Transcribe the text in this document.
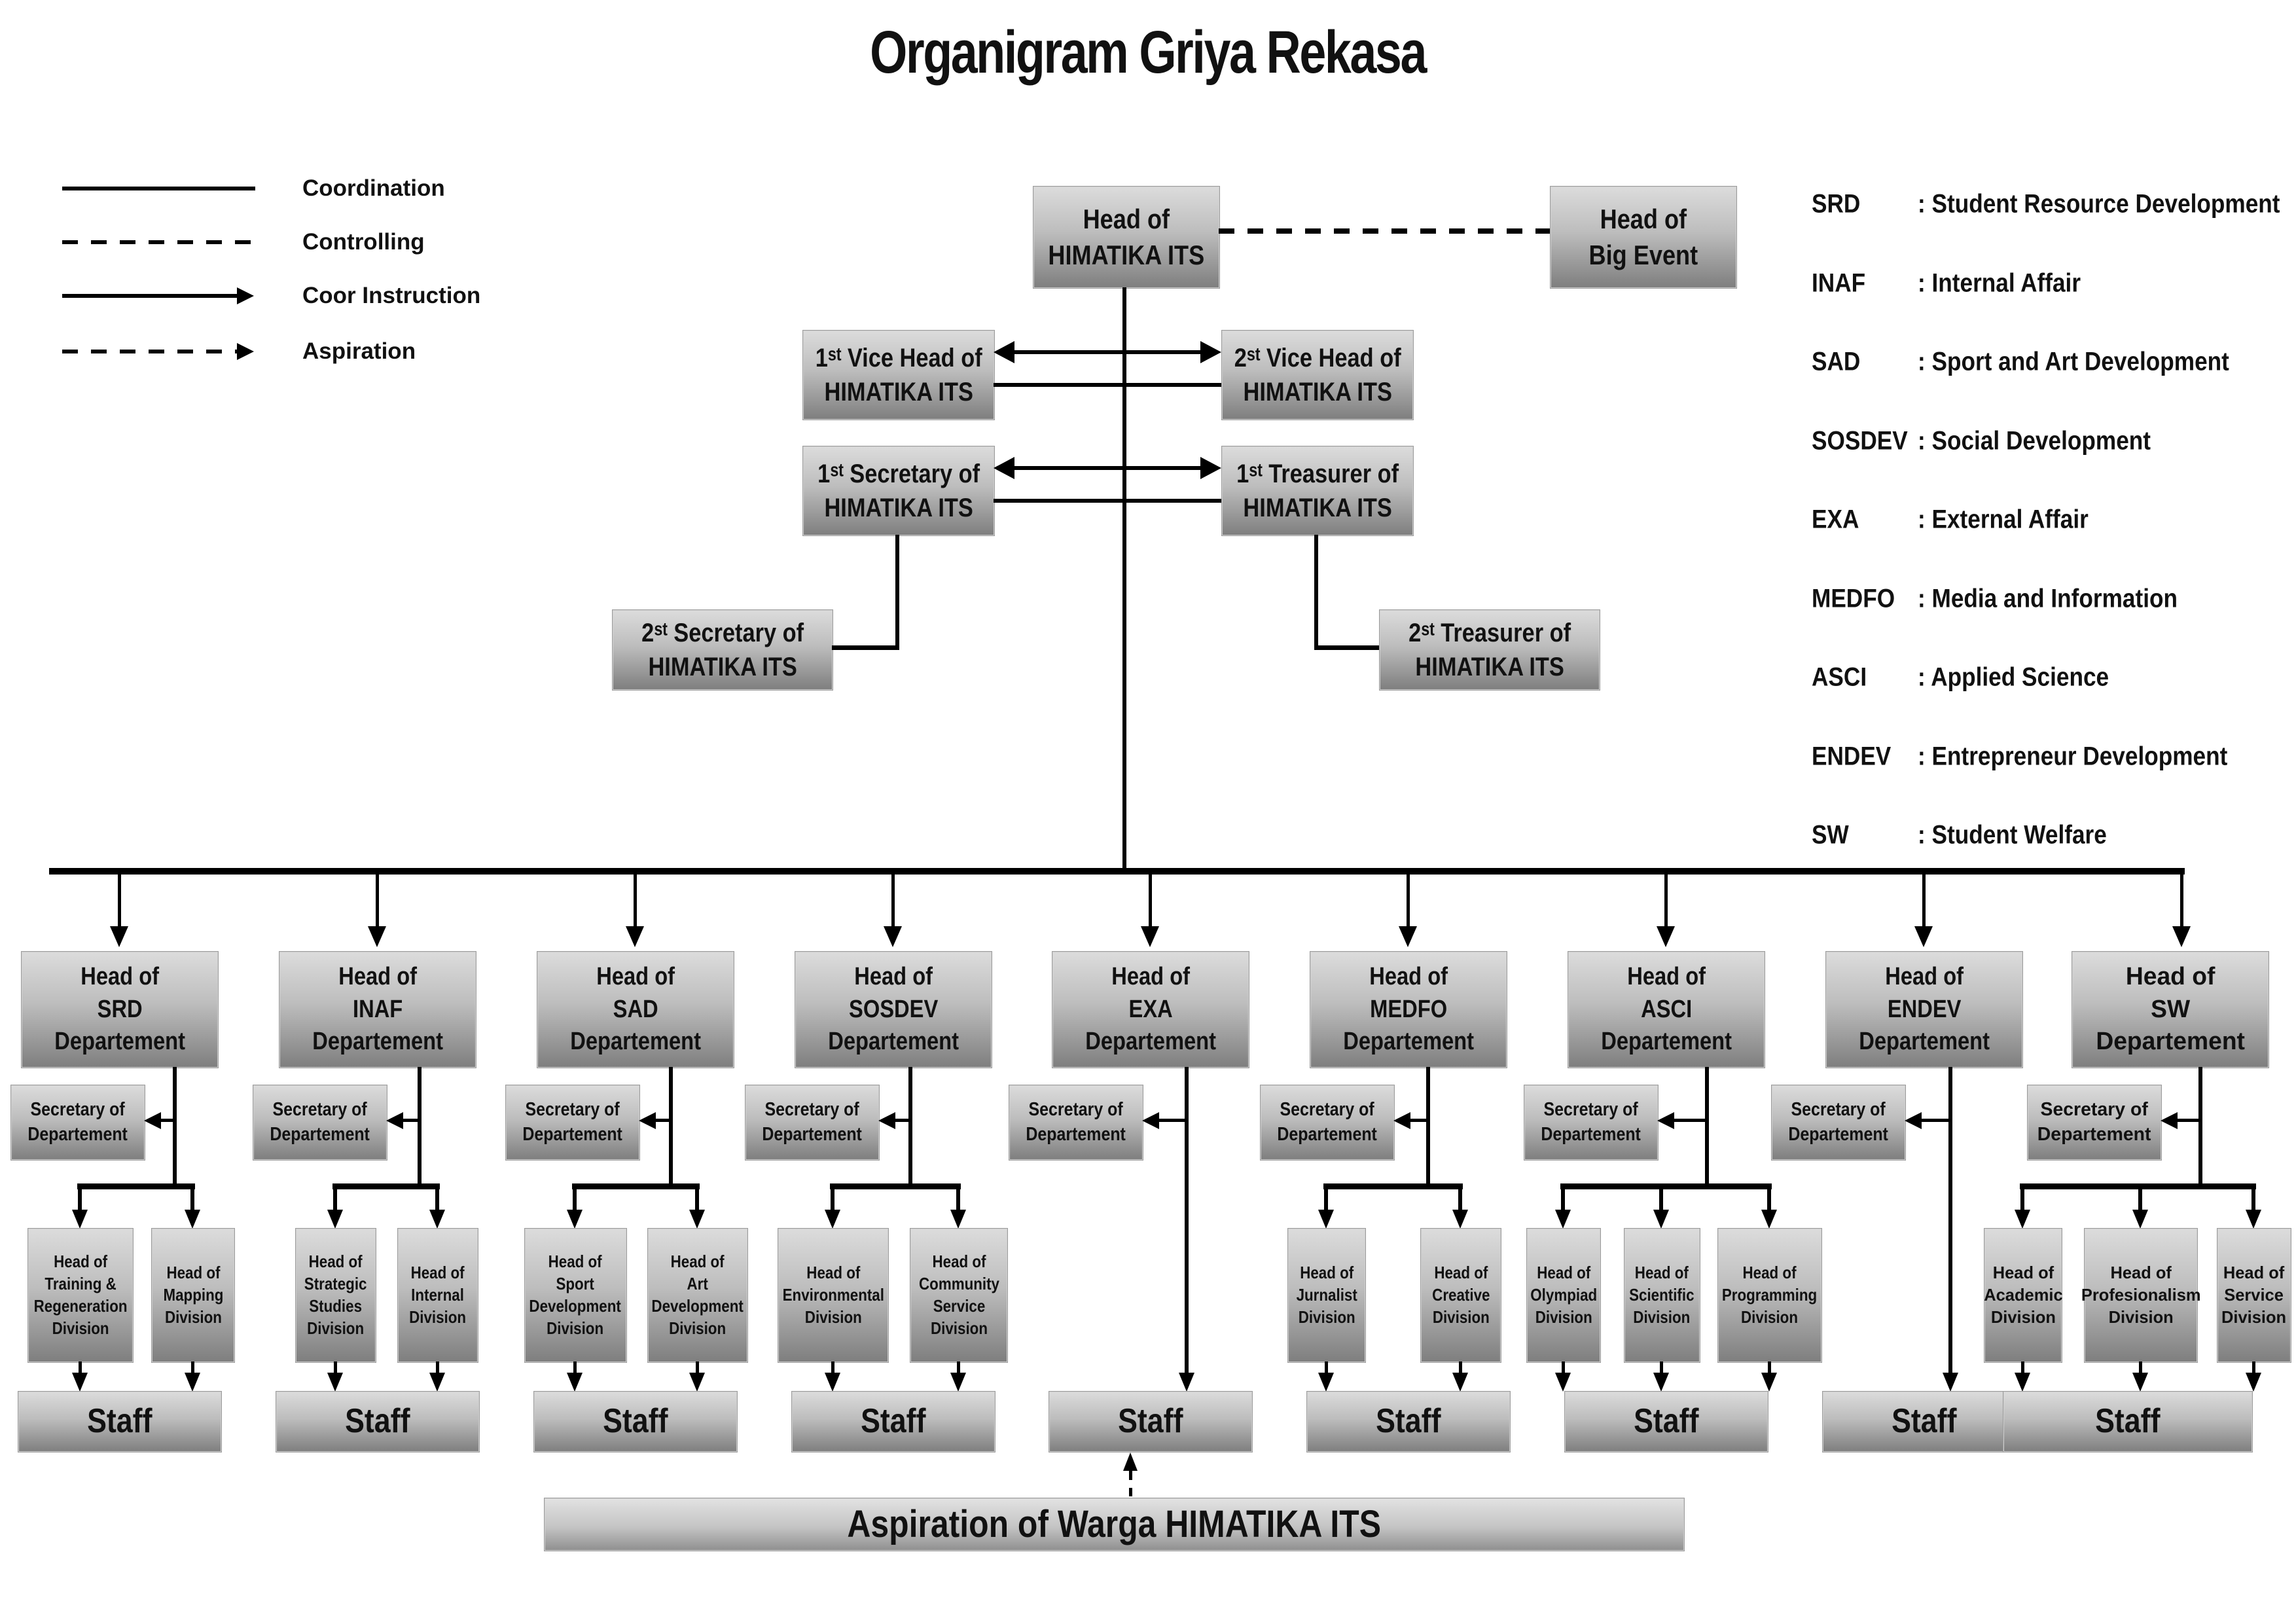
Organigram Griya Rekasa
Coordination
Controlling
Coor Instruction
Aspiration
SRD : Student Resource Development
INAF : Internal Affair
SAD : Sport and Art Development
SOSDEV : Social Development
EXA : External Affair
MEDFO : Media and Information
ASCI : Applied Science
ENDEV : Entrepreneur Development
SW	: Student Welfare
Head of
HIMATIKA ITS
Head of
Big Event
1ˢᵗ Vice Head of
HIMATIKA ITS
2ˢᵗ Vice Head of
HIMATIKA ITS
1ˢᵗ Secretary of
HIMATIKA ITS
1ˢᵗ Treasurer of
HIMATIKA ITS
2ˢᵗ Secretary of
HIMATIKA ITS
2ˢᵗ Treasurer of
HIMATIKA ITS
Head of
SRD
Departement
Secretary of
Departement
Head of
Training &
Regeneration
Division
Head of
Mapping
Division
Staff
Head of
INAF
Departement
Secretary of
Departement
Head of
Strategic
Studies
Division
Head of
Internal
Division
Staff
Head of
SAD
Departement
Secretary of
Departement
Head of
Sport
Development
Division
Head of
Art
Development
Division
Staff
Head of
SOSDEV
Departement
Secretary of
Departement
Head of
Environmental
Division
Head of
Community
Service
Division
Staff
Head of
EXA
Departement
Secretary of
Departement
Staff
Head of
MEDFO
Departement
Secretary of
Departement
Head of
Jurnalist
Division
Head of
Creative
Division
Staff
Head of
ASCI
Departement
Secretary of
Departement
Head of
Olympiad
Division
Head of
Scientific
Division
Head of
Programming
Division
Staff
Head of
ENDEV
Departement
Secretary of
Departement
Staff
Head of
SW
Departement
Secretary of
Departement
Head of
Academic
Division
Head of
Profesionalism
Division
Head of
Service
Division
Staff
Aspiration of Warga HIMATIKA ITS
